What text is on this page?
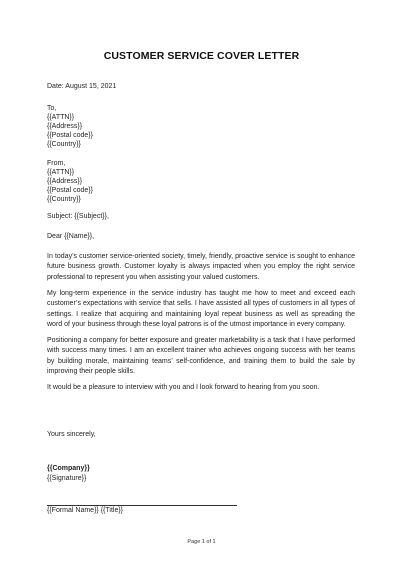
CUSTOMER SERVICE COVER LETTER
Date: August 15, 2021
To,
{{ATTN}}
{{Address}}
{{Postal code}}
{{Country}}
From,
{{ATTN}}
{{Address}}
{{Postal code}}
{{Country}}
Subject: {{Subject}},
Dear {{Name}},
In today’s customer service-oriented society, timely, friendly, proactive service is sought to enhance future business growth. Customer loyalty is always impacted when you employ the right service professional to represent you when assisting your valued customers.
My long-term experience in the service industry has taught me how to meet and exceed each customer’s expectations with service that sells. I have assisted all types of customers in all types of settings. I realize that acquiring and maintaining loyal repeat business as well as spreading the word of your business through these loyal patrons is of the utmost importance in every company.
Positioning a company for better exposure and greater marketability is a task that I have performed with success many times. I am an excellent trainer who achieves ongoing success with her teams by building morale, maintaining teams’ self-confidence, and training them to build the sale by improving their people skills.
It would be a pleasure to interview with you and I look forward to hearing from you soon.
Yours sincerely,
{{Company}}
{{Signature}}
{{Formal Name}} {{Title}}
Page 1 of 1
